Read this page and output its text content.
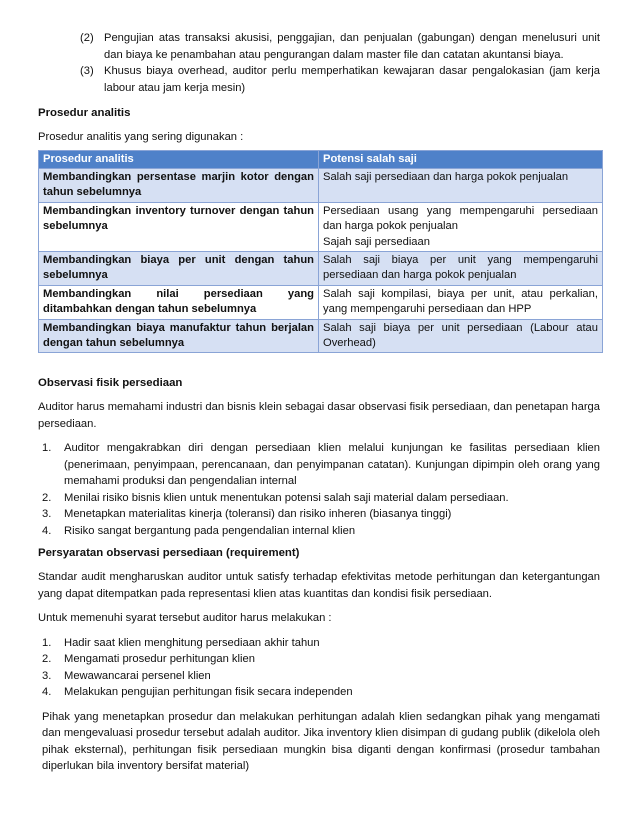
(2) Pengujian atas transaksi akusisi, penggajian, dan penjualan (gabungan) dengan menelusuri unit dan biaya ke penambahan atau pengurangan dalam master file dan catatan akuntansi biaya.
(3) Khusus biaya overhead, auditor perlu memperhatikan kewajaran dasar pengalokasian (jam kerja labour atau jam kerja mesin)
Prosedur analitis

Prosedur analitis yang sering digunakan :

Prosedur analitis	Potensi salah saji
Membandingkan persentase marjin kotor dengan tahun sebelumnya	Salah saji persediaan dan harga pokok penjualan
Membandingkan inventory turnover dengan tahun sebelumnya	Persediaan usang yang mempengaruhi persediaan dan harga pokok penjualan
Sajah saji persediaan

Membandingkan biaya per unit dengan tahun sebelumnya	Salah saji biaya per unit yang mempengaruhi persediaan dan harga pokok penjualan
Membandingkan nilai persediaan yang ditambahkan dengan tahun sebelumnya	Salah saji kompilasi, biaya per unit, atau perkalian, yang mempengaruhi persediaan dan HPP
Membandingkan biaya manufaktur tahun berjalan dengan tahun sebelumnya	Salah saji biaya per unit persediaan (Labour atau Overhead)
Observasi fisik persediaan

Auditor harus memahami industri dan bisnis klein sebagai dasar observasi fisik persediaan, dan penetapan harga persediaan.

1.	Auditor mengakrabkan diri dengan persediaan klien melalui kunjungan ke fasilitas persediaan klien (penerimaan, penyimpaan, perencanaan, dan penyimpanan catatan). Kunjungan dipimpin oleh orang yang memahami produksi dan pengendalian internal
2.	Menilai risiko bisnis klien untuk menentukan potensi salah saji material dalam persediaan.
3.	Menetapkan materialitas kinerja (toleransi) dan risiko inheren (biasanya tinggi)
4.	Risiko sangat bergantung pada pengendalian internal klien
Persyaratan observasi persediaan (requirement)

Standar audit mengharuskan auditor untuk satisfy terhadap efektivitas metode perhitungan dan ketergantungan yang dapat ditempatkan pada representasi klien atas kuantitas dan kondisi fisik persediaan.

Untuk memenuhi syarat tersebut auditor harus melakukan :

1.	Hadir saat klien menghitung persediaan akhir tahun
2.	Mengamati prosedur perhitungan klien
3.	Mewawancarai persenel klien
4.	Melakukan pengujian perhitungan fisik secara independen

Pihak yang menetapkan prosedur dan melakukan perhitungan adalah klien sedangkan pihak yang mengamati dan mengevaluasi prosedur tersebut adalah auditor. Jika inventory klien disimpan di gudang publik (dikelola oleh pihak eksternal), perhitungan fisik persediaan mungkin bisa diganti dengan konfirmasi (prosedur tambahan diperlukan bila inventory bersifat material)
